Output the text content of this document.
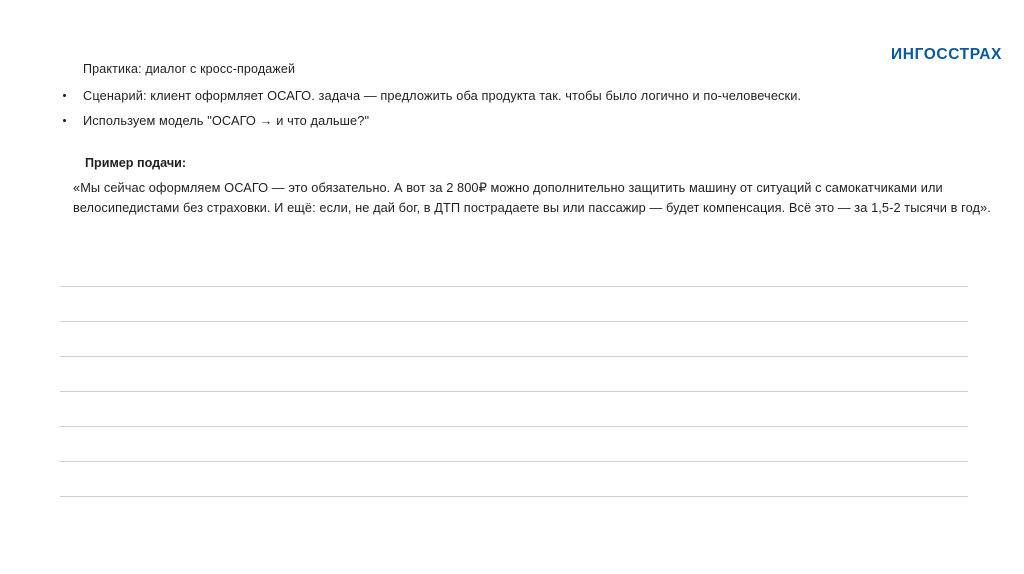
ИНГОССТРАХ
Практика: диалог с кросс-продажей
Сценарий: клиент оформляет ОСАГО. задача — предложить оба продукта так. чтобы было логично и по-человечески.
Используем модель "ОСАГО → и что дальше?"
Пример подачи:
«Мы сейчас оформляем ОСАГО — это обязательно. А вот за 2 800₽ можно дополнительно защитить машину от ситуаций с самокатчиками или велосипедистами без страховки. И ещё: если, не дай бог, в ДТП пострадаете вы или пассажир — будет компенсация. Всё это — за 1,5-2 тысячи в год».
